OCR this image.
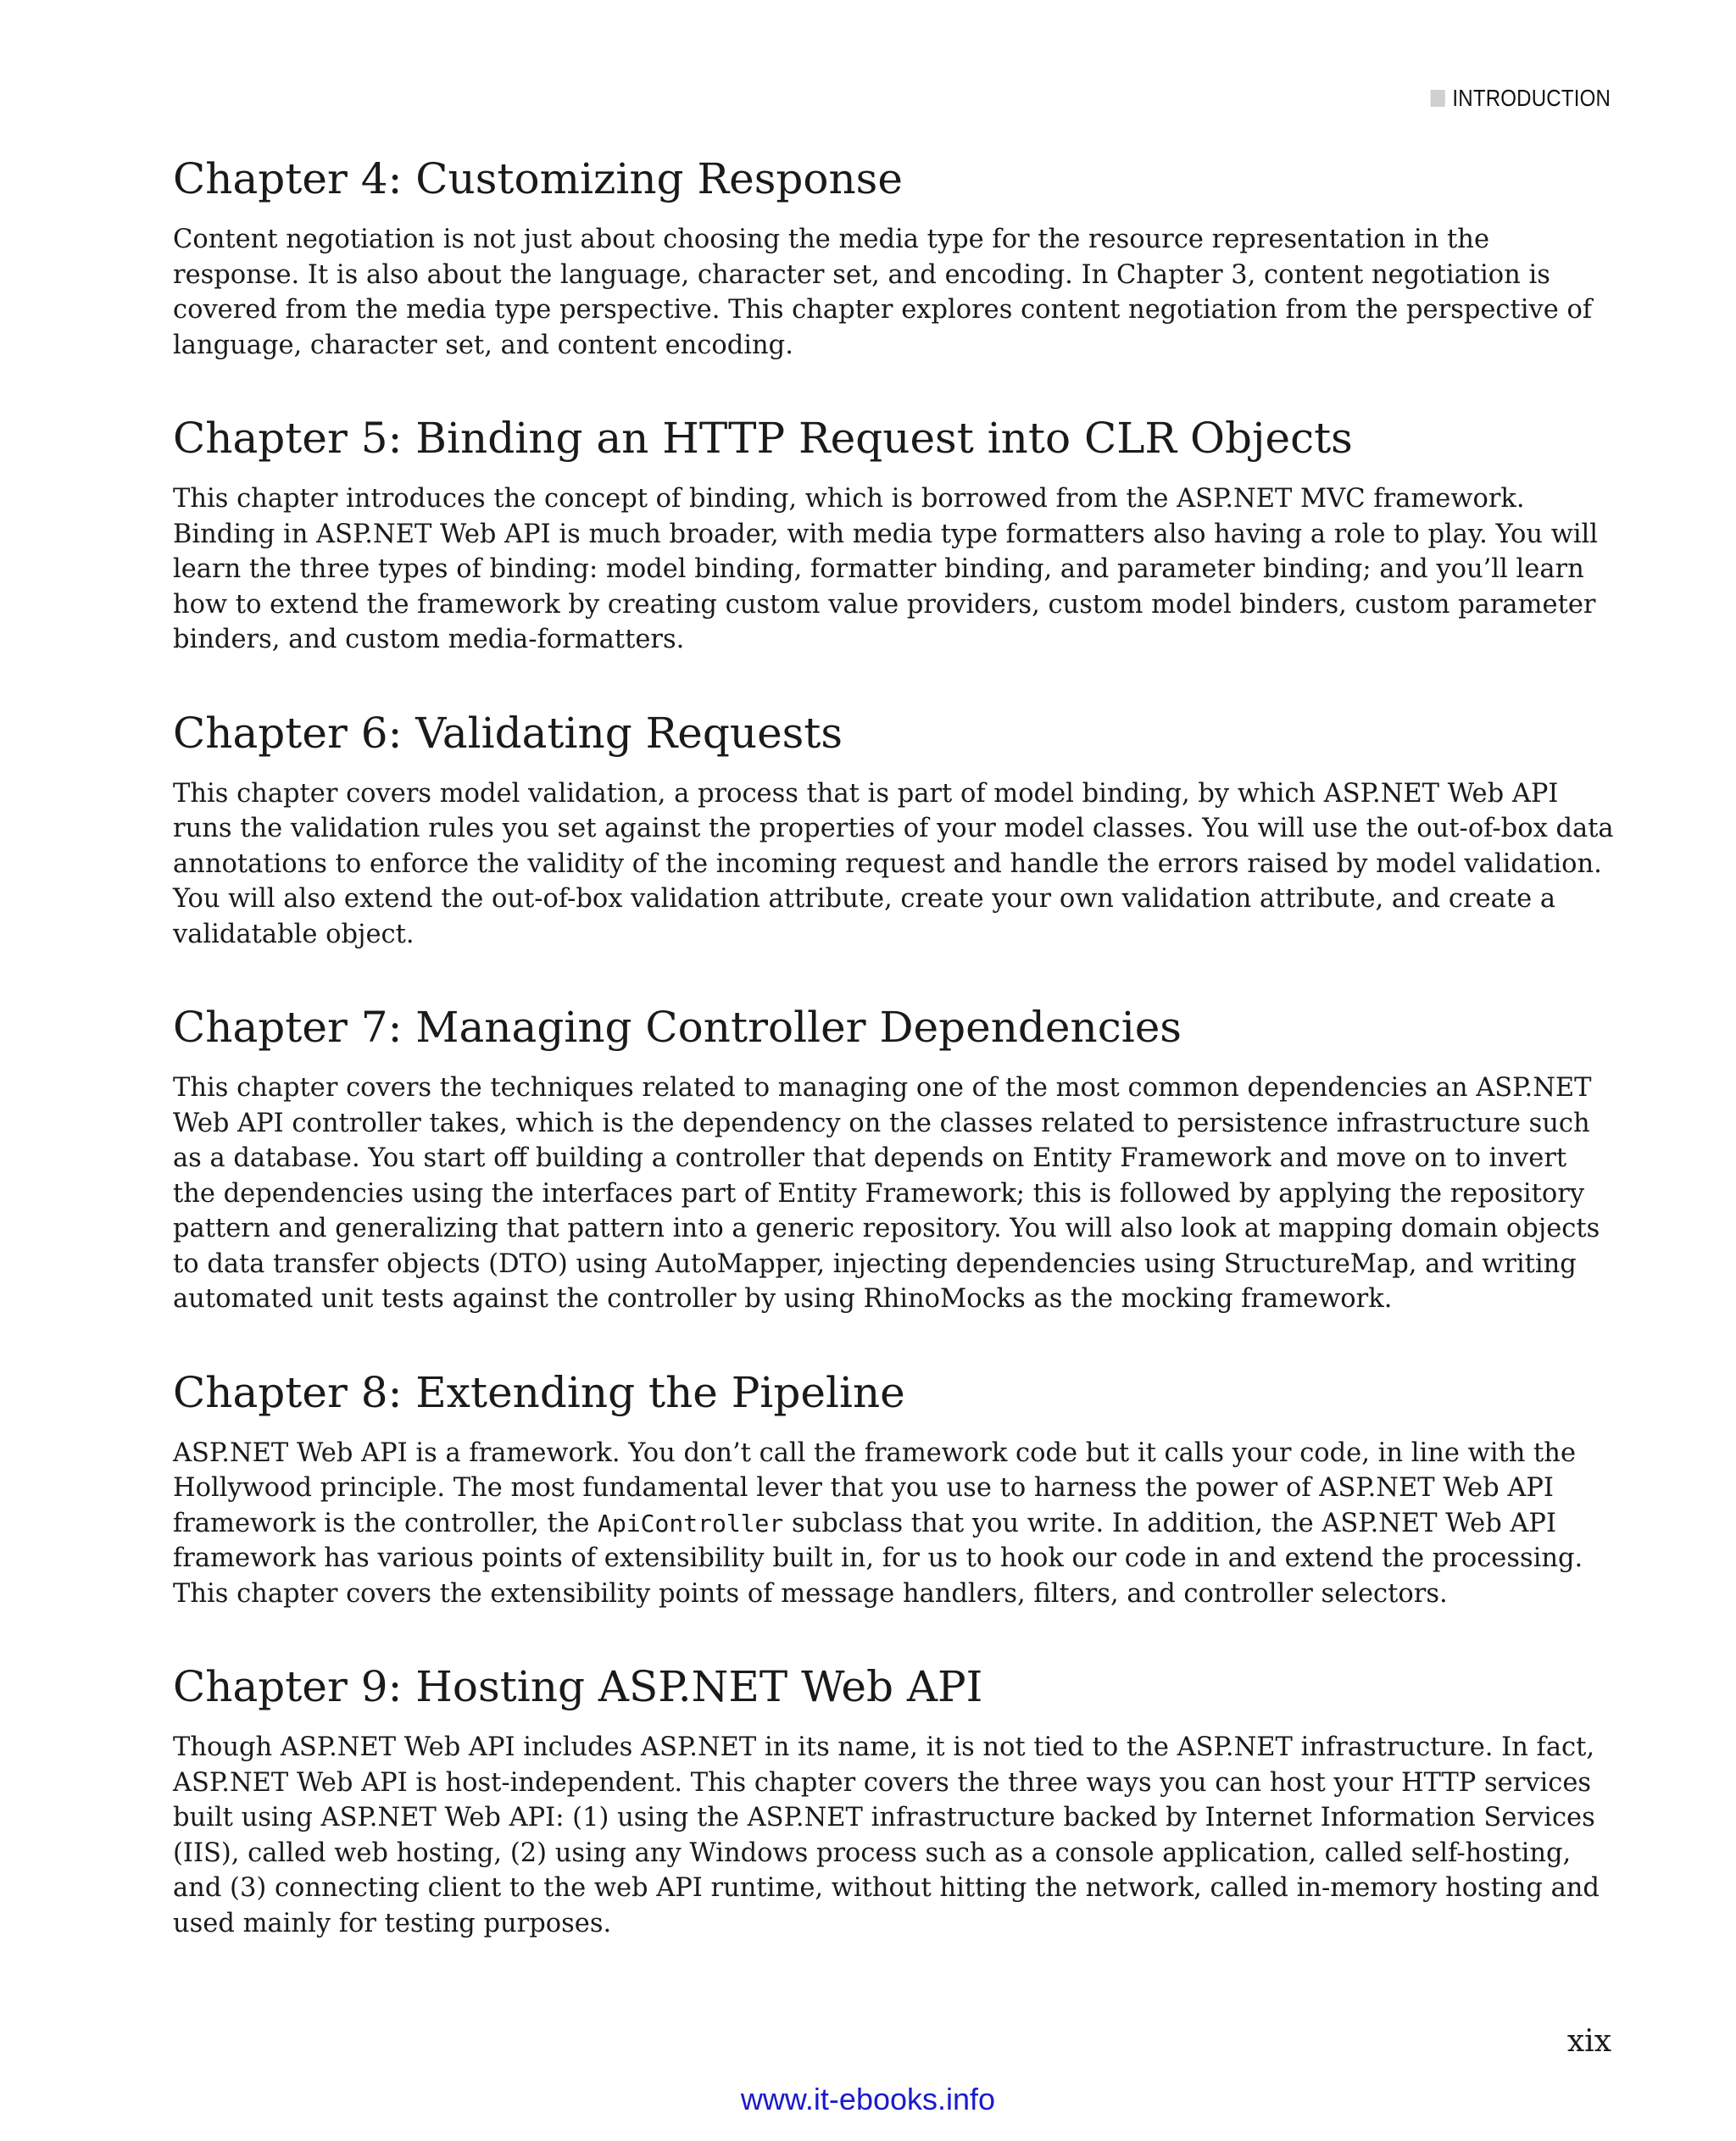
INTRODUCTION
Chapter 4: Customizing Response

Content negotiation is not just about choosing the media type for the resource representation in the response. It is also about the language, character set, and encoding. In Chapter 3, content negotiation is covered from the media type perspective. This chapter explores content negotiation from the perspective of language, character set, and content encoding.

Chapter 5: Binding an HTTP Request into CLR Objects

This chapter introduces the concept of binding, which is borrowed from the ASP.NET MVC framework. Binding in ASP.NET Web API is much broader, with media type formatters also having a role to play. You will learn the three types of binding: model binding, formatter binding, and parameter binding; and you’ll learn how to extend the framework by creating custom value providers, custom model binders, custom parameter binders, and custom media-formatters.

Chapter 6: Validating Requests

This chapter covers model validation, a process that is part of model binding, by which ASP.NET Web API runs the validation rules you set against the properties of your model classes. You will use the out-of-box data annotations to enforce the validity of the incoming request and handle the errors raised by model validation. You will also extend the out-of-box validation attribute, create your own validation attribute, and create a validatable object.

Chapter 7: Managing Controller Dependencies

This chapter covers the techniques related to managing one of the most common dependencies an ASP.NET Web API controller takes, which is the dependency on the classes related to persistence infrastructure such as a database. You start off building a controller that depends on Entity Framework and move on to invert the dependencies using the interfaces part of Entity Framework; this is followed by applying the repository pattern and generalizing that pattern into a generic repository. You will also look at mapping domain objects to data transfer objects (DTO) using AutoMapper, injecting dependencies using StructureMap, and writing automated unit tests against the controller by using RhinoMocks as the mocking framework.

Chapter 8: Extending the Pipeline

ASP.NET Web API is a framework. You don’t call the framework code but it calls your code, in line with the Hollywood principle. The most fundamental lever that you use to harness the power of ASP.NET Web API framework is the controller, the ApiController subclass that you write. In addition, the ASP.NET Web API framework has various points of extensibility built in, for us to hook our code in and extend the processing. This chapter covers the extensibility points of message handlers, filters, and controller selectors.

Chapter 9: Hosting ASP.NET Web API

Though ASP.NET Web API includes ASP.NET in its name, it is not tied to the ASP.NET infrastructure. In fact, ASP.NET Web API is host-independent. This chapter covers the three ways you can host your HTTP services built using ASP.NET Web API: (1) using the ASP.NET infrastructure backed by Internet Information Services (IIS), called web hosting, (2) using any Windows process such as a console application, called self-hosting, and (3) connecting client to the web API runtime, without hitting the network, called in-memory hosting and used mainly for testing purposes.

xix
www.it-ebooks.info
